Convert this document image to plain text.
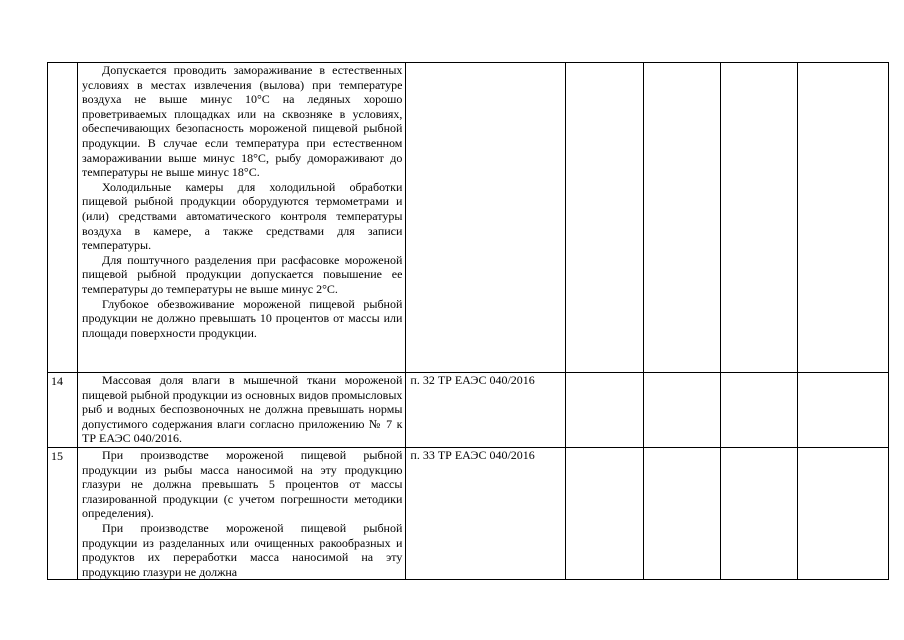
	Допускается проводить замораживание в естественных условиях в местах извлечения (вылова) при температуре воздуха не выше минус 10°C на ледяных хорошо проветриваемых площадках или на сквозняке в условиях, обеспечивающих безопасность мороженой пищевой рыбной продукции. В случае если температура при естественном замораживании выше минус 18°C, рыбу домораживают до температуры не выше минус 18°C.

Холодильные камеры для холодильной обработки пищевой рыбной продукции оборудуются термометрами и (или) средствами автоматического контроля температуры воздуха в камере, а также средствами для записи температуры.

Для поштучного разделения при расфасовке мороженой пищевой рыбной продукции допускается повышение ее температуры до температуры не выше минус 2°C.

Глубокое обезвоживание мороженой пищевой рыбной продукции не должно превышать 10 процентов от массы или площади поверхности продукции.					

14	Массовая доля влаги в мышечной ткани мороженой пищевой рыбной продукции из основных видов промысловых рыб и водных беспозвоночных не должна превышать нормы допустимого содержания влаги согласно приложению № 7 к ТР ЕАЭС 040/2016.	п. 32 ТР ЕАЭС 040/2016				
15	При производстве мороженой пищевой рыбной продукции из рыбы масса наносимой на эту продукцию глазури не должна превышать 5 процентов от массы глазированной продукции (с учетом погрешности методики определения).

При производстве мороженой пищевой рыбной продукции из разделанных или очищенных ракообразных и продуктов их переработки масса наносимой на эту продукцию глазури не должна	п. 33 ТР ЕАЭС 040/2016				
